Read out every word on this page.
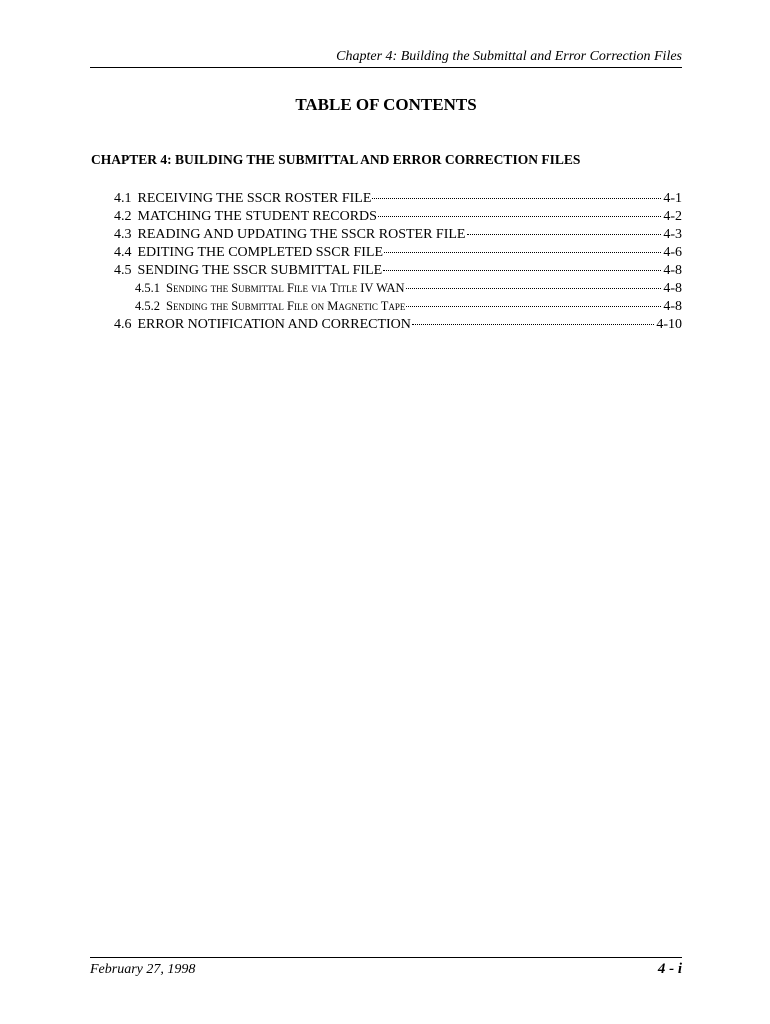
Chapter 4: Building the Submittal and Error Correction Files
TABLE OF CONTENTS
CHAPTER 4: BUILDING THE SUBMITTAL AND ERROR CORRECTION FILES
4.1 RECEIVING THE SSCR ROSTER FILE	4-1
4.2 MATCHING THE STUDENT RECORDS	4-2
4.3 READING AND UPDATING THE SSCR ROSTER FILE	4-3
4.4 EDITING THE COMPLETED SSCR FILE	4-6
4.5 SENDING THE SSCR SUBMITTAL FILE	4-8
4.5.1 Sending the Submittal File via Title IV WAN	4-8
4.5.2 Sending the Submittal File on Magnetic Tape	4-8
4.6 ERROR NOTIFICATION AND CORRECTION	4-10
February 27, 1998	4 - i
